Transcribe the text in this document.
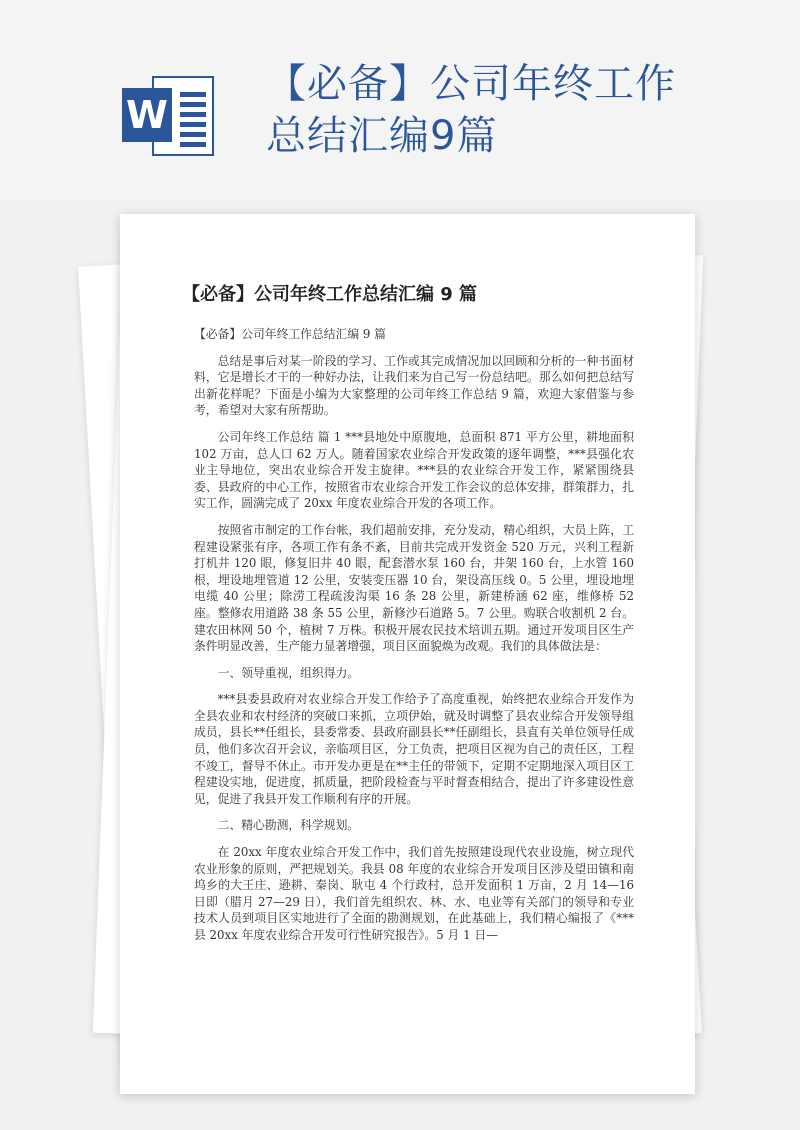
W
【必备】公司年终工作
总结汇编9篇
【必备】公司年终工作总结汇编 9 篇

【必备】公司年终工作总结汇编 9 篇

总结是事后对某一阶段的学习、工作或其完成情况加以回顾和分析的一种书面材料，它是增长才干的一种好办法，让我们来为自己写一份总结吧。那么如何把总结写出新花样呢？下面是小编为大家整理的公司年终工作总结 9 篇，欢迎大家借鉴与参考，希望对大家有所帮助。

公司年终工作总结 篇 1 ***县地处中原腹地，总面积 871 平方公里，耕地面积 102 万亩，总人口 62 万人。随着国家农业综合开发政策的逐年调整，***县强化农业主导地位，突出农业综合开发主旋律。***县的农业综合开发工作，紧紧围绕县委、县政府的中心工作，按照省市农业综合开发工作会议的总体安排，群策群力，扎实工作，圆满完成了 20xx 年度农业综合开发的各项工作。

按照省市制定的工作台帐，我们超前安排，充分发动，精心组织，大员上阵，工程建设紧张有序，各项工作有条不紊，目前共完成开发资金 520 万元，兴利工程新打机井 120 眼，修复旧井 40 眼，配套潜水泵 160 台，井架 160 台，上水管 160 根，埋设地埋管道 12 公里，安装变压器 10 台，架设高压线 0。5 公里，埋设地埋电缆 40 公里；除涝工程疏浚沟渠 16 条 28 公里，新建桥涵 62 座，维修桥 52 座。整修农用道路 38 条 55 公里，新修沙石道路 5。7 公里。购联合收割机 2 台。建农田林网 50 个，植树 7 万株。积极开展农民技术培训五期。通过开发项目区生产条件明显改善，生产能力显著增强，项目区面貌焕为改观。我们的具体做法是：

一、领导重视，组织得力。

***县委县政府对农业综合开发工作给予了高度重视，始终把农业综合开发作为全县农业和农村经济的突破口来抓，立项伊始，就及时调整了县农业综合开发领导组成员，县长**任组长，县委常委、县政府副县长**任副组长，县直有关单位领导任成员，他们多次召开会议，亲临项目区，分工负责，把项目区视为自己的责任区，工程不竣工，督导不休止。市开发办更是在**主任的带领下，定期不定期地深入项目区工程建设实地，促进度，抓质量，把阶段检查与平时督查相结合，提出了许多建设性意见，促进了我县开发工作顺利有序的开展。

二、精心勘测，科学规划。

在 20xx 年度农业综合开发工作中，我们首先按照建设现代农业设施，树立现代农业形象的原则，严把规划关。我县 08 年度的农业综合开发项目区涉及望田镇和南坞乡的大王庄、逊耕、秦岗、耿屯 4 个行政村，总开发面积 1 万亩，2 月 14—16 日即（腊月 27—29 日），我们首先组织农、林、水、电业等有关部门的领导和专业技术人员到项目区实地进行了全面的勘测规划，在此基础上，我们精心编报了《***县 20xx 年度农业综合开发可行性研究报告》。5 月 1 日—
